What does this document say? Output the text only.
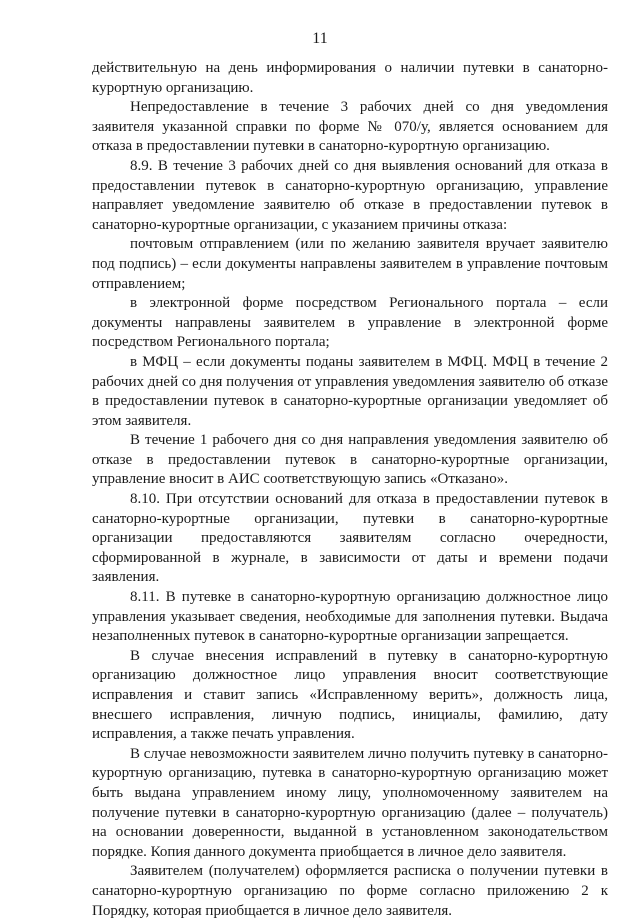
11

действительную на день информирования о наличии путевки в санаторно-курортную организацию.

Непредоставление в течение 3 рабочих дней со дня уведомления заявителя указанной справки по форме № 070/у, является основанием для отказа в предоставлении путевки в санаторно-курортную организацию.

8.9. В течение 3 рабочих дней со дня выявления оснований для отказа в предоставлении путевок в санаторно-курортную организацию, управление направляет уведомление заявителю об отказе в предоставлении путевок в санаторно-курортные организации, с указанием причины отказа:

почтовым отправлением (или по желанию заявителя вручает заявителю под подпись) – если документы направлены заявителем в управление почтовым отправлением;

в электронной форме посредством Регионального портала – если документы направлены заявителем в управление в электронной форме посредством Регионального портала;

в МФЦ – если документы поданы заявителем в МФЦ. МФЦ в течение 2 рабочих дней со дня получения от управления уведомления заявителю об отказе в предоставлении путевок в санаторно-курортные организации уведомляет об этом заявителя.

В течение 1 рабочего дня со дня направления уведомления заявителю об отказе в предоставлении путевок в санаторно-курортные организации, управление вносит в АИС соответствующую запись «Отказано».

8.10. При отсутствии оснований для отказа в предоставлении путевок в санаторно-курортные организации, путевки в санаторно-курортные организации предоставляются заявителям согласно очередности, сформированной в журнале, в зависимости от даты и времени подачи заявления.

8.11. В путевке в санаторно-курортную организацию должностное лицо управления указывает сведения, необходимые для заполнения путевки. Выдача незаполненных путевок в санаторно-курортные организации запрещается.

В случае внесения исправлений в путевку в санаторно-курортную организацию должностное лицо управления вносит соответствующие исправления и ставит запись «Исправленному верить», должность лица, внесшего исправления, личную подпись, инициалы, фамилию, дату исправления, а также печать управления.

В случае невозможности заявителем лично получить путевку в санаторно-курортную организацию, путевка в санаторно-курортную организацию может быть выдана управлением иному лицу, уполномоченному заявителем на получение путевки в санаторно-курортную организацию (далее – получатель) на основании доверенности, выданной в установленном законодательством порядке. Копия данного документа приобщается в личное дело заявителя.

Заявителем (получателем) оформляется расписка о получении путевки в санаторно-курортную организацию по форме согласно приложению 2 к Порядку, которая приобщается в личное дело заявителя.
